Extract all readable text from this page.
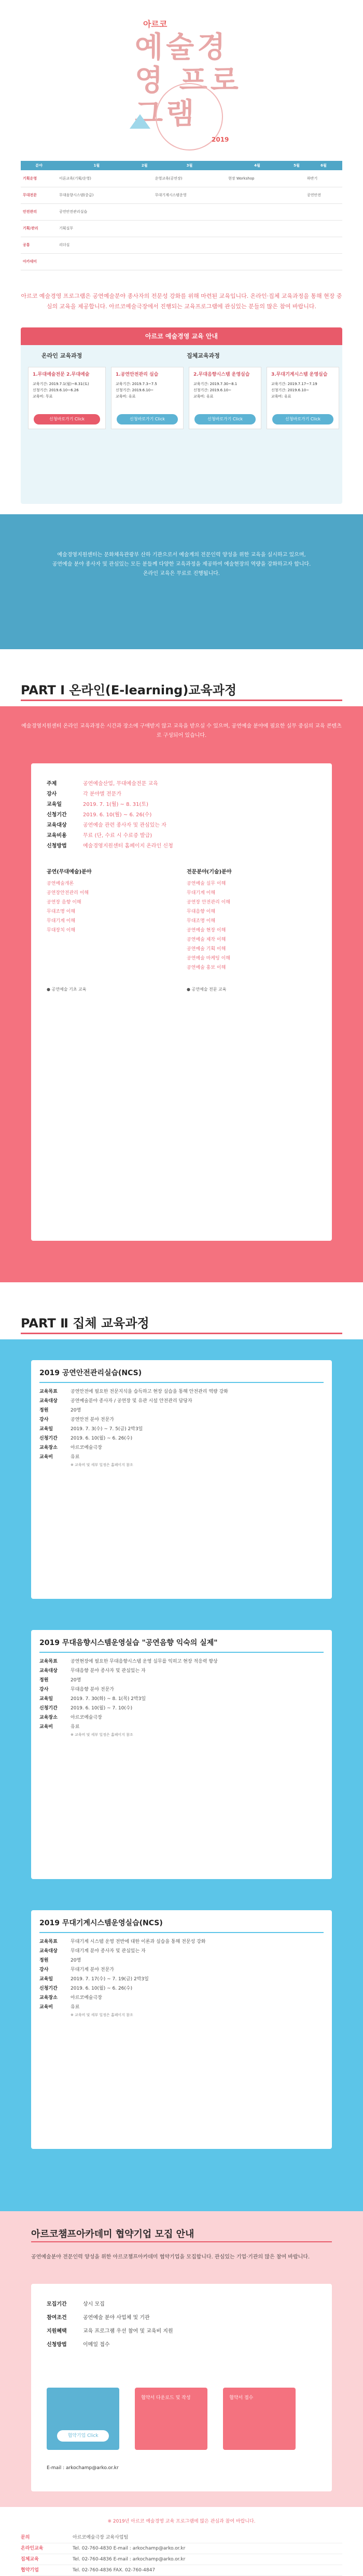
아르코
예술경영 프로그램
2019
분야	1월	2월	3월	4월	5월	6월
기획운영	이론교육(기획/운영)		운영교육(공연장)	현장 Workshop		하반기
무대전문	무대음향시스템(중급)		무대기계시스템운영			공연안전
안전관리	공연안전관리실습					
기획/관리	기획실무					
공통	리더십					
아카데미						
아르코 예술경영 프로그램은 공연예술분야 종사자의 전문성 강화를 위해 마련된 교육입니다. 온라인·집체 교육과정을 통해 현장 중심의 교육을 제공합니다. 아르코예술극장에서 진행되는 교육프로그램에 관심있는 분들의 많은 참여 바랍니다.
아르코 예술경영 교육 안내
온라인 교육과정	집체교육과정
1.무대예술전문 2.무대예술
교육기간: 2019.7.1(월)~8.31(토)
신청기간: 2019.6.10~6.26
교육비: 무료
신청바로가기 Click
1.공연안전관리 실습
교육기간: 2019.7.3~7.5
신청기간: 2019.6.10~
교육비: 유료
신청바로가기 Click
2.무대음향시스템 운영실습
교육기간: 2019.7.30~8.1
신청기간: 2019.6.10~
교육비: 유료
신청바로가기 Click
3.무대기계시스템 운영실습
교육기간: 2019.7.17~7.19
신청기간: 2019.6.10~
교육비: 유료
신청바로가기 Click
예술경영지원센터는 문화체육관광부 산하 기관으로서 예술계의 전문인력 양성을 위한 교육을 실시하고 있으며,
공연예술 분야 종사자 및 관심있는 모든 분들께 다양한 교육과정을 제공하여 예술현장의 역량을 강화하고자 합니다.
온라인 교육은 무료로 진행됩니다.
PART Ⅰ 온라인(E-learning)교육과정
예술경영지원센터 온라인 교육과정은 시간과 장소에 구애받지 않고 교육을 받으실 수 있으며, 공연예술 분야에 필요한 실무 중심의 교육 콘텐츠로 구성되어 있습니다.
주제	공연예술산업, 무대예술전문 교육
강사	각 분야별 전문가
교육일	2019. 7. 1(월) ~ 8. 31(토)
신청기간	2019. 6. 10(월) ~ 6. 26(수)
교육대상	공연예술 관련 종사자 및 관심있는 자
교육비용	무료 (단, 수료 시 수료증 발급)
신청방법	예술경영지원센터 홈페이지 온라인 신청
공연(무대예술)분야
공연예술개론
공연장안전관리 이해
공연장 음향 이해
무대조명 이해
무대기계 이해
무대장치 이해
전문분야(기술)분야
공연예술 실무 이해
무대기계 이해
공연장 안전관리 이해
무대음향 이해
무대조명 이해
공연예술 현장 이해
공연예술 제작 이해
공연예술 기획 이해
공연예술 마케팅 이해
공연예술 홍보 이해
● 공연예술 기초 교육	● 공연예술 전문 교육
PART Ⅱ 집체 교육과정
2019 공연안전관리실습(NCS)
교육목표	공연안전에 필요한 전문지식을 습득하고 현장 실습을 통해 안전관리 역량 강화
교육대상	공연예술분야 종사자 / 공연장 및 유관 시설 안전관리 담당자
정원	20명
강사	공연안전 분야 전문가
교육일	2019. 7. 3(수) ~ 7. 5(금) 2박3일
신청기간	2019. 6. 10(월) ~ 6. 26(수)
교육장소	아르코예술극장
교육비	유료
※ 교육비 및 세부 일정은 홈페이지 참조
2019 무대음향시스템운영실습 "공연음향 익숙의 실제"
교육목표	공연현장에 필요한 무대음향시스템 운영 실무를 익히고 현장 적응력 향상
교육대상	무대음향 분야 종사자 및 관심있는 자
정원	20명
강사	무대음향 분야 전문가
교육일	2019. 7. 30(화) ~ 8. 1(목) 2박3일
신청기간	2019. 6. 10(월) ~ 7. 10(수)
교육장소	아르코예술극장
교육비	유료
※ 교육비 및 세부 일정은 홈페이지 참조
2019 무대기계시스템운영실습(NCS)
교육목표	무대기계 시스템 운영 전반에 대한 이론과 실습을 통해 전문성 강화
교육대상	무대기계 분야 종사자 및 관심있는 자
정원	20명
강사	무대기계 분야 전문가
교육일	2019. 7. 17(수) ~ 7. 19(금) 2박3일
신청기간	2019. 6. 10(월) ~ 6. 26(수)
교육장소	아르코예술극장
교육비	유료
※ 교육비 및 세부 일정은 홈페이지 참조
아르코챔프아카데미 협약기업 모집 안내
공연예술분야 전문인력 양성을 위한 아르코챔프아카데미 협약기업을 모집합니다. 관심있는 기업·기관의 많은 참여 바랍니다.
모집기간	상시 모집
참여조건	공연예술 분야 사업체 및 기관
지원혜택	교육 프로그램 우선 참여 및 교육비 지원
신청방법	이메일 접수
협약기업 Click
협약서 다운로드 및 작성	협약서 접수
E-mail : arkochamp@arko.or.kr
※ 2019년 아르코 예술경영 교육 프로그램에 많은 관심과 참여 바랍니다.
문의	아르코예술극장 교육사업팀
온라인교육	Tel. 02-760-4830 E-mail : arkochamp@arko.or.kr
집체교육	Tel. 02-760-4836 E-mail : arkochamp@arko.or.kr
협약기업	Tel. 02-760-4836 FAX. 02-760-4847
